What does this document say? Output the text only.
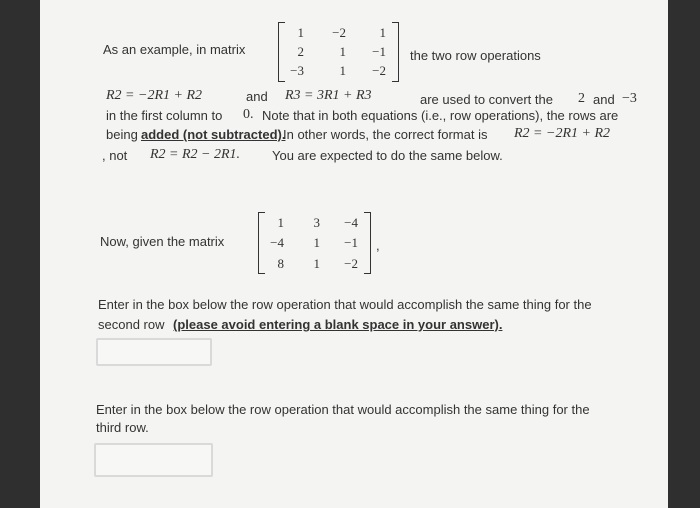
As an example, in matrix
1	−2	1
2	1	−1
−3	1	−2
the two row operations
R2 = −2R1 + R2	and R3 = 3R1 + R3	are used to convert the 2 and −3
in the first column to 0. Note that in both equations (i.e., row operations), the rows are
being added (not subtracted).
In other words, the correct format is R2 = −2R1 + R2
, not R2 = R2 − 2R1. You are expected to do the same below.
Now, given the matrix
1	3	−4
−4	1	−1
8	1	−2
,
Enter in the box below the row operation that would accomplish the same thing for the
second row (please avoid entering a blank space in your answer).
Enter in the box below the row operation that would accomplish the same thing for the
third row.
